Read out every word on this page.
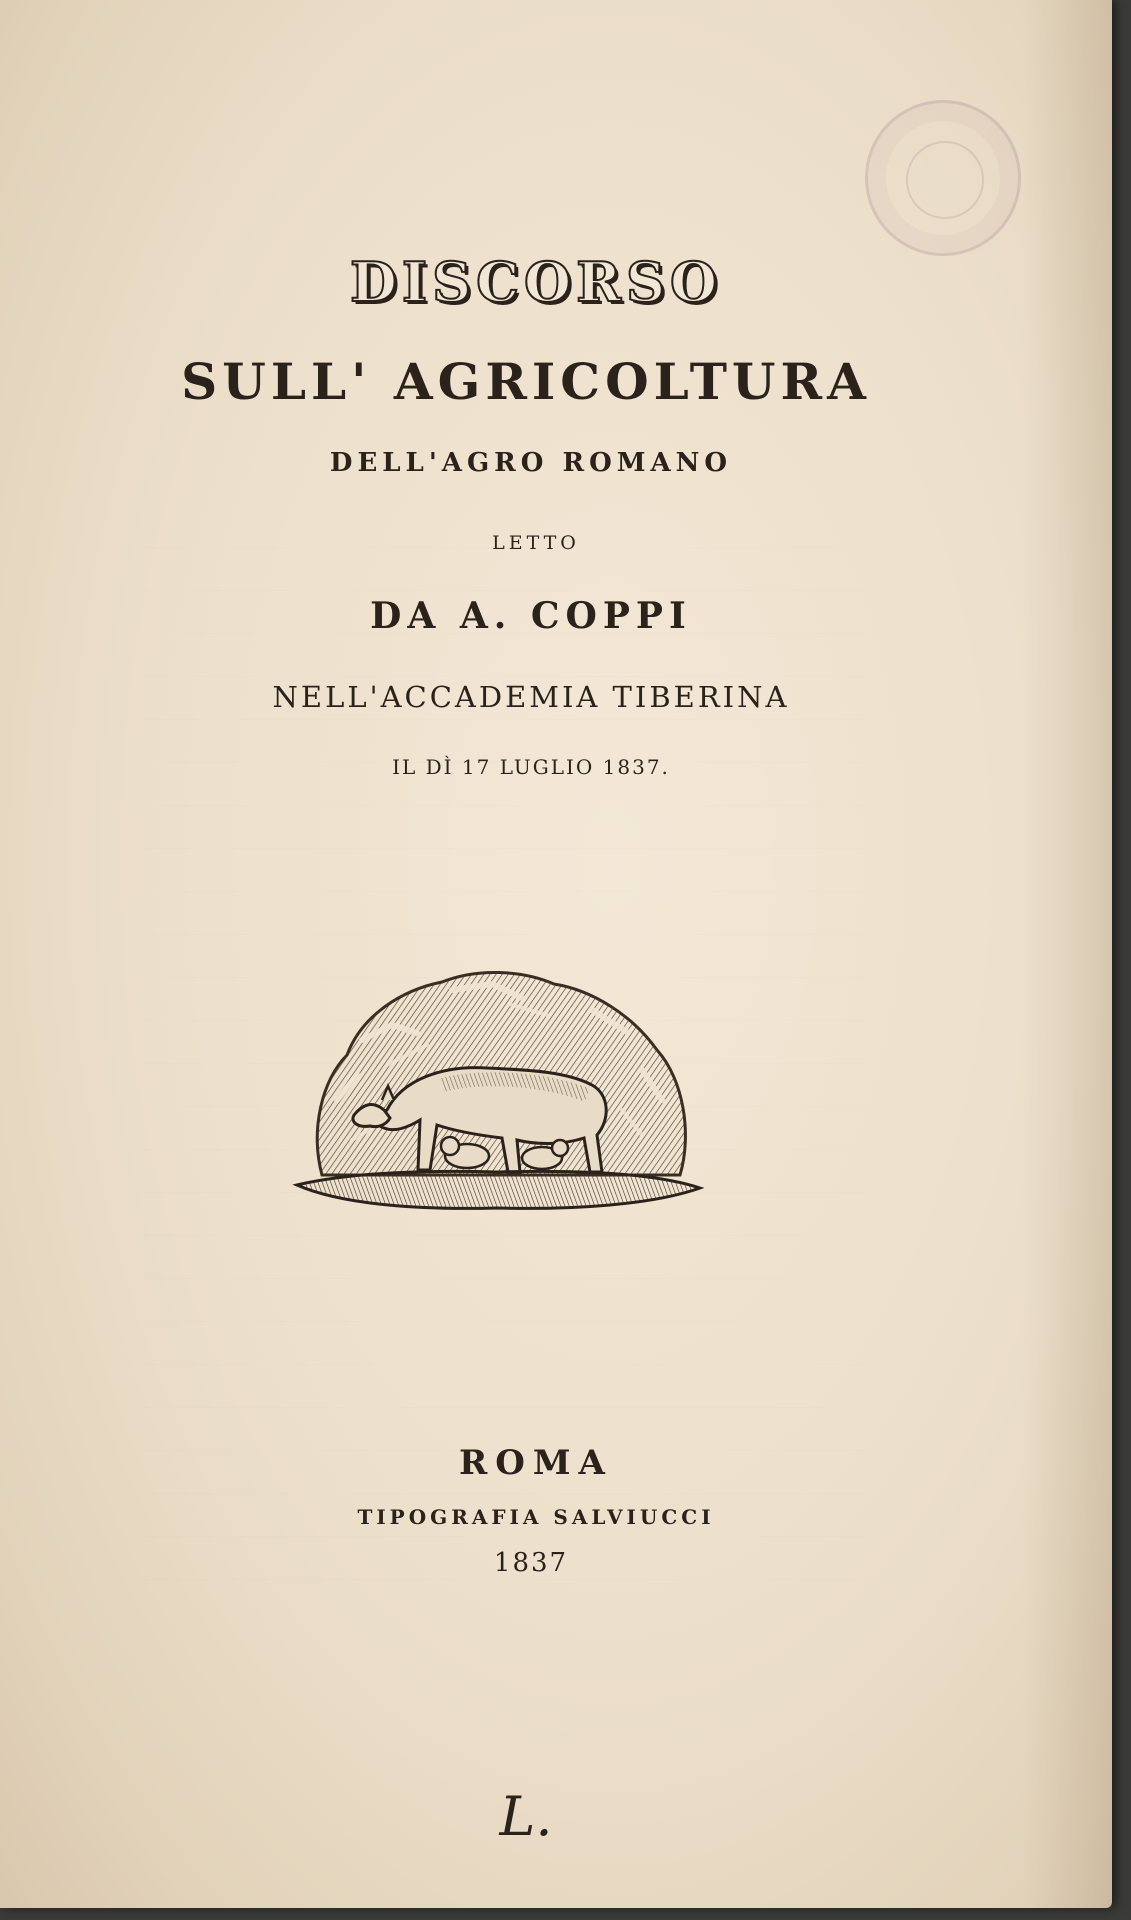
DISCORSO
SULL' AGRICOLTURA

DELL'AGRO ROMANO

LETTO

DA A. COPPI

NELL'ACCADEMIA TIBERINA

IL DÌ 17 LUGLIO 1837.

ROMA

TIPOGRAFIA SALVIUCCI

1837

L.
